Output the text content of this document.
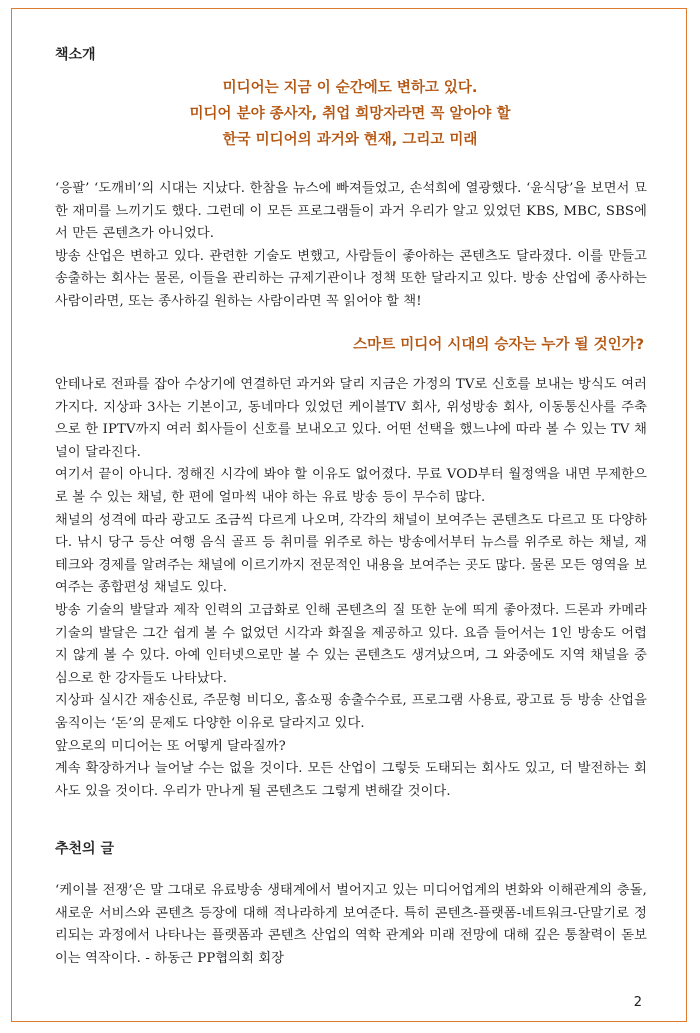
책소개
미디어는 지금 이 순간에도 변하고 있다.
미디어 분야 종사자, 취업 희망자라면 꼭 알아야 할
한국 미디어의 과거와 현재, 그리고 미래

‘응팔’ ‘도깨비’의 시대는 지났다. 한참을 뉴스에 빠져들었고, 손석희에 열광했다. ‘윤식당’을 보면서 묘한 재미를 느끼기도 했다. 그런데 이 모든 프로그램들이 과거 우리가 알고 있었던 KBS, MBC, SBS에서 만든 콘텐츠가 아니었다.

방송 산업은 변하고 있다. 관련한 기술도 변했고, 사람들이 좋아하는 콘텐츠도 달라졌다. 이를 만들고 송출하는 회사는 물론, 이들을 관리하는 규제기관이나 정책 또한 달라지고 있다. 방송 산업에 종사하는 사람이라면, 또는 종사하길 원하는 사람이라면 꼭 읽어야 할 책!

스마트 미디어 시대의 승자는 누가 될 것인가?

안테나로 전파를 잡아 수상기에 연결하던 과거와 달리 지금은 가정의 TV로 신호를 보내는 방식도 여러 가지다. 지상파 3사는 기본이고, 동네마다 있었던 케이블TV 회사, 위성방송 회사, 이동통신사를 주축으로 한 IPTV까지 여러 회사들이 신호를 보내오고 있다. 어떤 선택을 했느냐에 따라 볼 수 있는 TV 채널이 달라진다.

여기서 끝이 아니다. 정해진 시각에 봐야 할 이유도 없어졌다. 무료 VOD부터 월정액을 내면 무제한으로 볼 수 있는 채널, 한 편에 얼마씩 내야 하는 유료 방송 등이 무수히 많다.

채널의 성격에 따라 광고도 조금씩 다르게 나오며, 각각의 채널이 보여주는 콘텐츠도 다르고 또 다양하다. 낚시 당구 등산 여행 음식 골프 등 취미를 위주로 하는 방송에서부터 뉴스를 위주로 하는 채널, 재테크와 경제를 알려주는 채널에 이르기까지 전문적인 내용을 보여주는 곳도 많다. 물론 모든 영역을 보여주는 종합편성 채널도 있다.

방송 기술의 발달과 제작 인력의 고급화로 인해 콘텐츠의 질 또한 눈에 띄게 좋아졌다. 드론과 카메라 기술의 발달은 그간 쉽게 볼 수 없었던 시각과 화질을 제공하고 있다. 요즘 들어서는 1인 방송도 어렵지 않게 볼 수 있다. 아예 인터넷으로만 볼 수 있는 콘텐츠도 생겨났으며, 그 와중에도 지역 채널을 중심으로 한 강자들도 나타났다.

지상파 실시간 재송신료, 주문형 비디오, 홈쇼핑 송출수수료, 프로그램 사용료, 광고료 등 방송 산업을 움직이는 ‘돈’의 문제도 다양한 이유로 달라지고 있다.

앞으로의 미디어는 또 어떻게 달라질까?

계속 확장하거나 늘어날 수는 없을 것이다. 모든 산업이 그렇듯 도태되는 회사도 있고, 더 발전하는 회사도 있을 것이다. 우리가 만나게 될 콘텐츠도 그렇게 변해갈 것이다.

추천의 글

‘케이블 전쟁’은 말 그대로 유료방송 생태계에서 벌어지고 있는 미디어업계의 변화와 이해관계의 충돌, 새로운 서비스와 콘텐츠 등장에 대해 적나라하게 보여준다. 특히 콘텐츠-플랫폼-네트워크-단말기로 정리되는 과정에서 나타나는 플랫폼과 콘텐츠 산업의 역학 관계와 미래 전망에 대해 깊은 통찰력이 돋보이는 역작이다. - 하동근 PP협의회 회장

2
